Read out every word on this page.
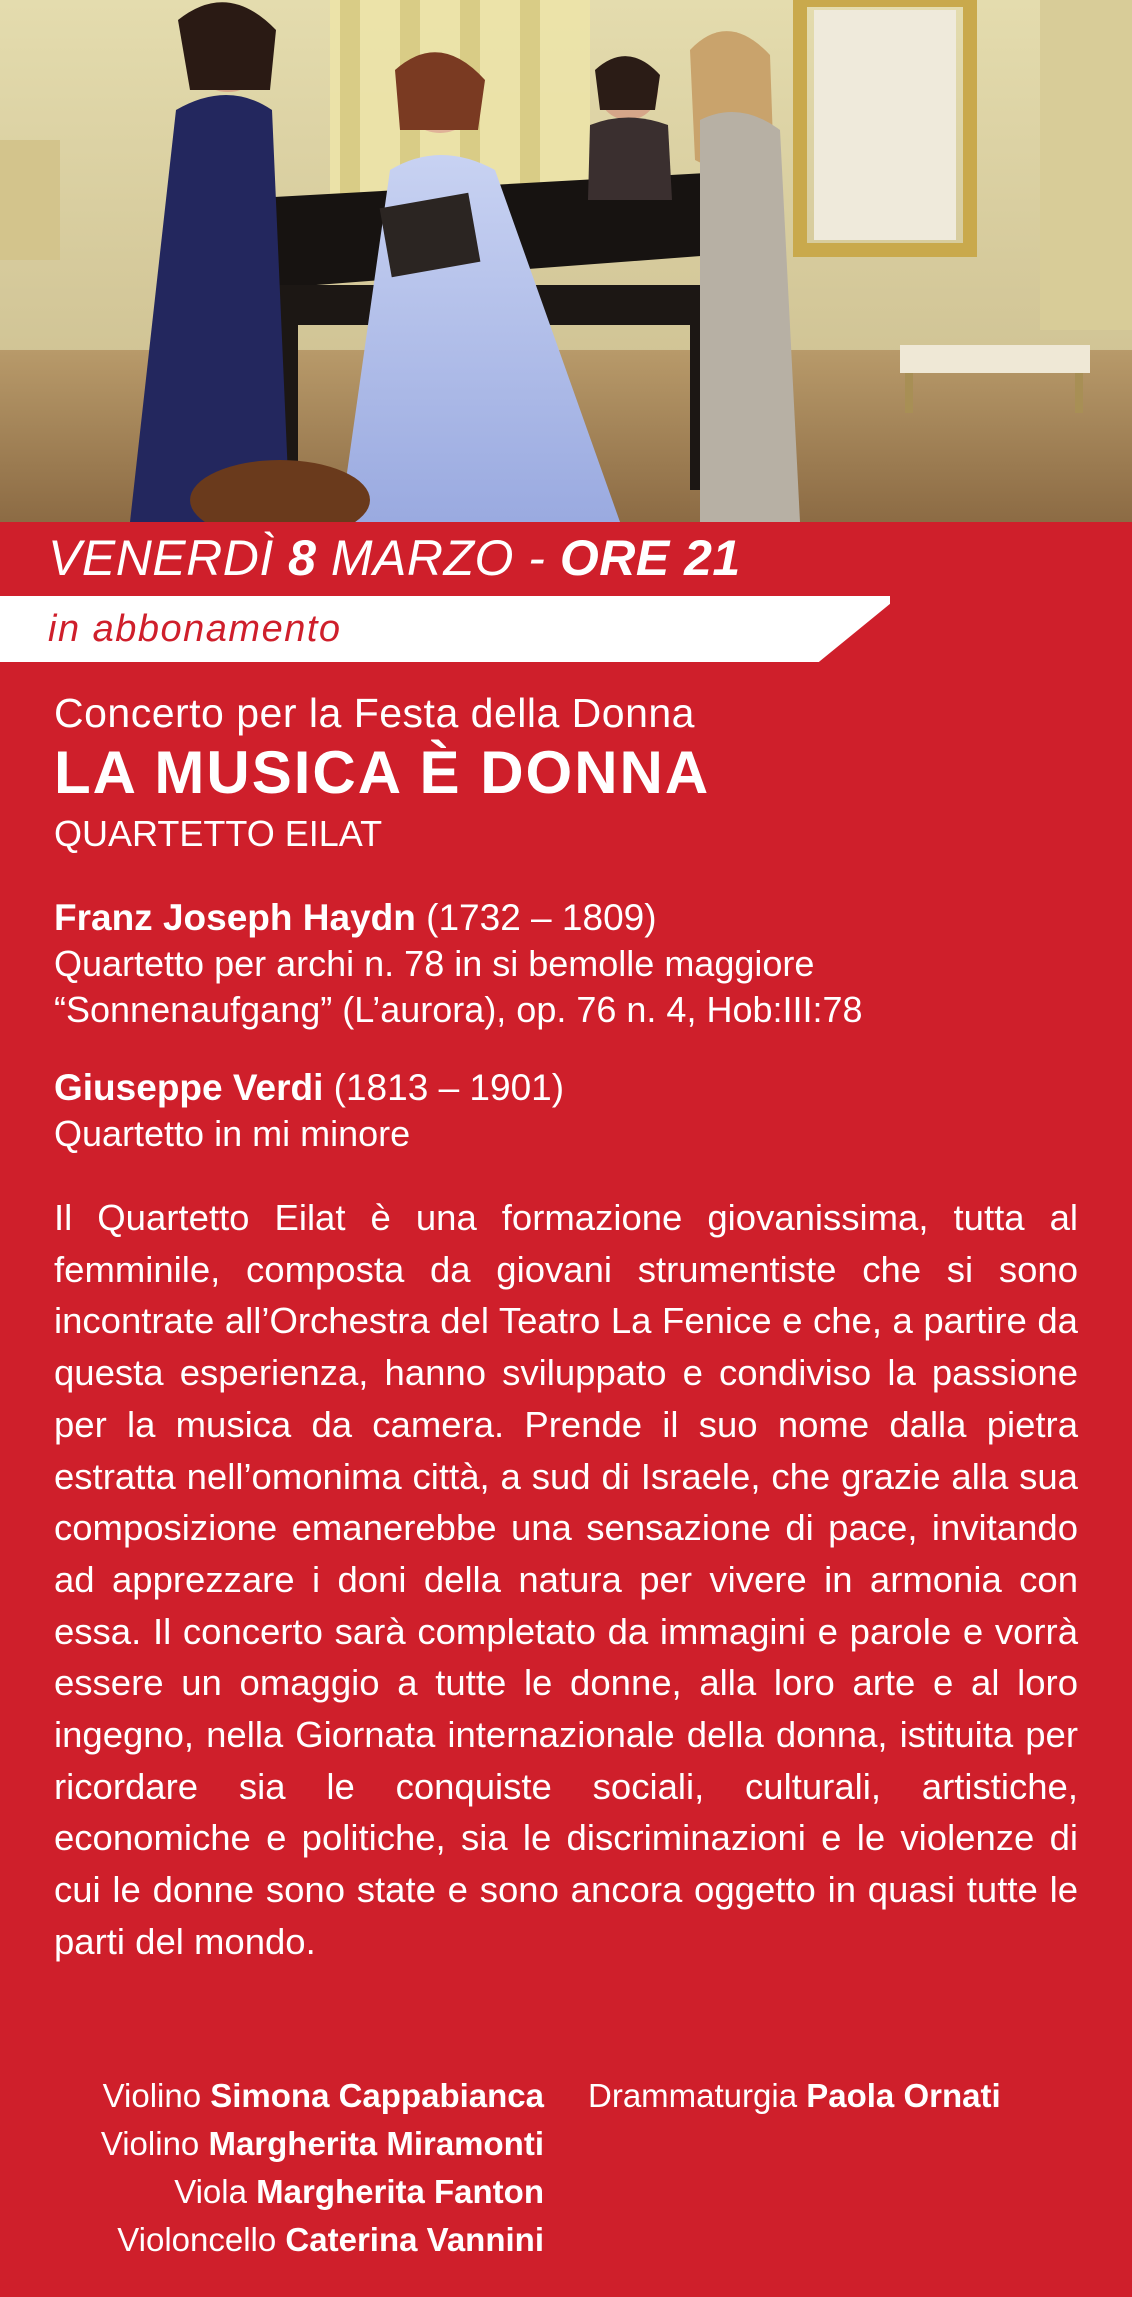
VENERDÌ 8 MARZO - ORE 21
in abbonamento
Concerto per la Festa della Donna
LA MUSICA È DONNA
QUARTETTO EILAT
Franz Joseph Haydn (1732 – 1809)
Quartetto per archi n. 78 in si bemolle maggiore
“Sonnenaufgang” (L’aurora), op. 76 n. 4, Hob:III:78
Giuseppe Verdi (1813 – 1901)
Quartetto in mi minore
Il Quartetto Eilat è una formazione giovanissima, tutta al femminile, composta da giovani strumentiste che si sono incontrate all’Orchestra del Teatro La Fenice e che, a partire da questa esperienza, hanno sviluppato e condiviso la passione per la musica da camera. Prende il suo nome dalla pietra estratta nell’omonima città, a sud di Israele, che grazie alla sua composizione emanerebbe una sensazione di pace, invitando ad apprezzare i doni della natura per vivere in armonia con essa. Il concerto sarà completato da immagini e parole e vorrà essere un omaggio a tutte le donne, alla loro arte e al loro ingegno, nella Giornata internazionale della donna, istituita per ricordare sia le conquiste sociali, culturali, artistiche, economiche e politiche, sia le discriminazioni e le violenze di cui le donne sono state e sono ancora oggetto in quasi tutte le parti del mondo.
Violino Simona Cappabianca
Violino Margherita Miramonti
Viola Margherita Fanton
Violoncello Caterina Vannini
Drammaturgia Paola Ornati
